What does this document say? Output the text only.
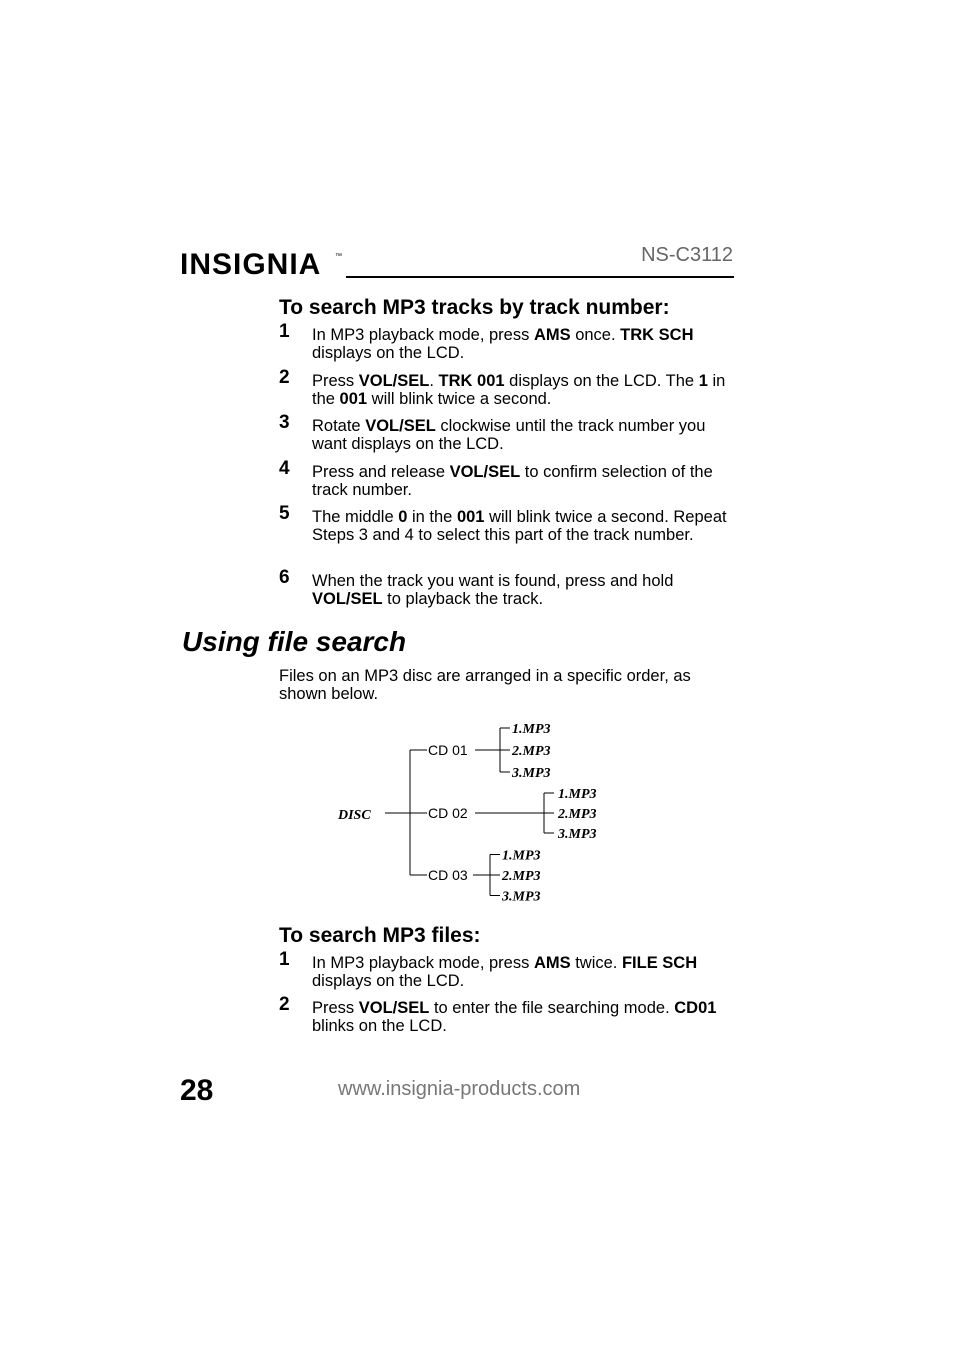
INSIGNIA ™	NS-C3112
To search MP3 tracks by track number:
1	In MP3 playback mode, press AMS once. TRK SCH displays on the LCD.
2	Press VOL/SEL. TRK 001 displays on the LCD. The 1 in the 001 will blink twice a second.
3	Rotate VOL/SEL clockwise until the track number you want displays on the LCD.
4	Press and release VOL/SEL to confirm selection of the track number.
5	The middle 0 in the 001 will blink twice a second. Repeat Steps 3 and 4 to select this part of the track number.
6	When the track you want is found, press and hold VOL/SEL to playback the track.
Using file search
Files on an MP3 disc are arranged in a specific order, as shown below.
DISC
CD 01
1.MP3
2.MP3
3.MP3
CD 02
1.MP3
2.MP3
3.MP3
CD 03
1.MP3
2.MP3
3.MP3
To search MP3 files:
1	In MP3 playback mode, press AMS twice. FILE SCH displays on the LCD.
2	Press VOL/SEL to enter the file searching mode. CD01 blinks on the LCD.
28	www.insignia-products.com
